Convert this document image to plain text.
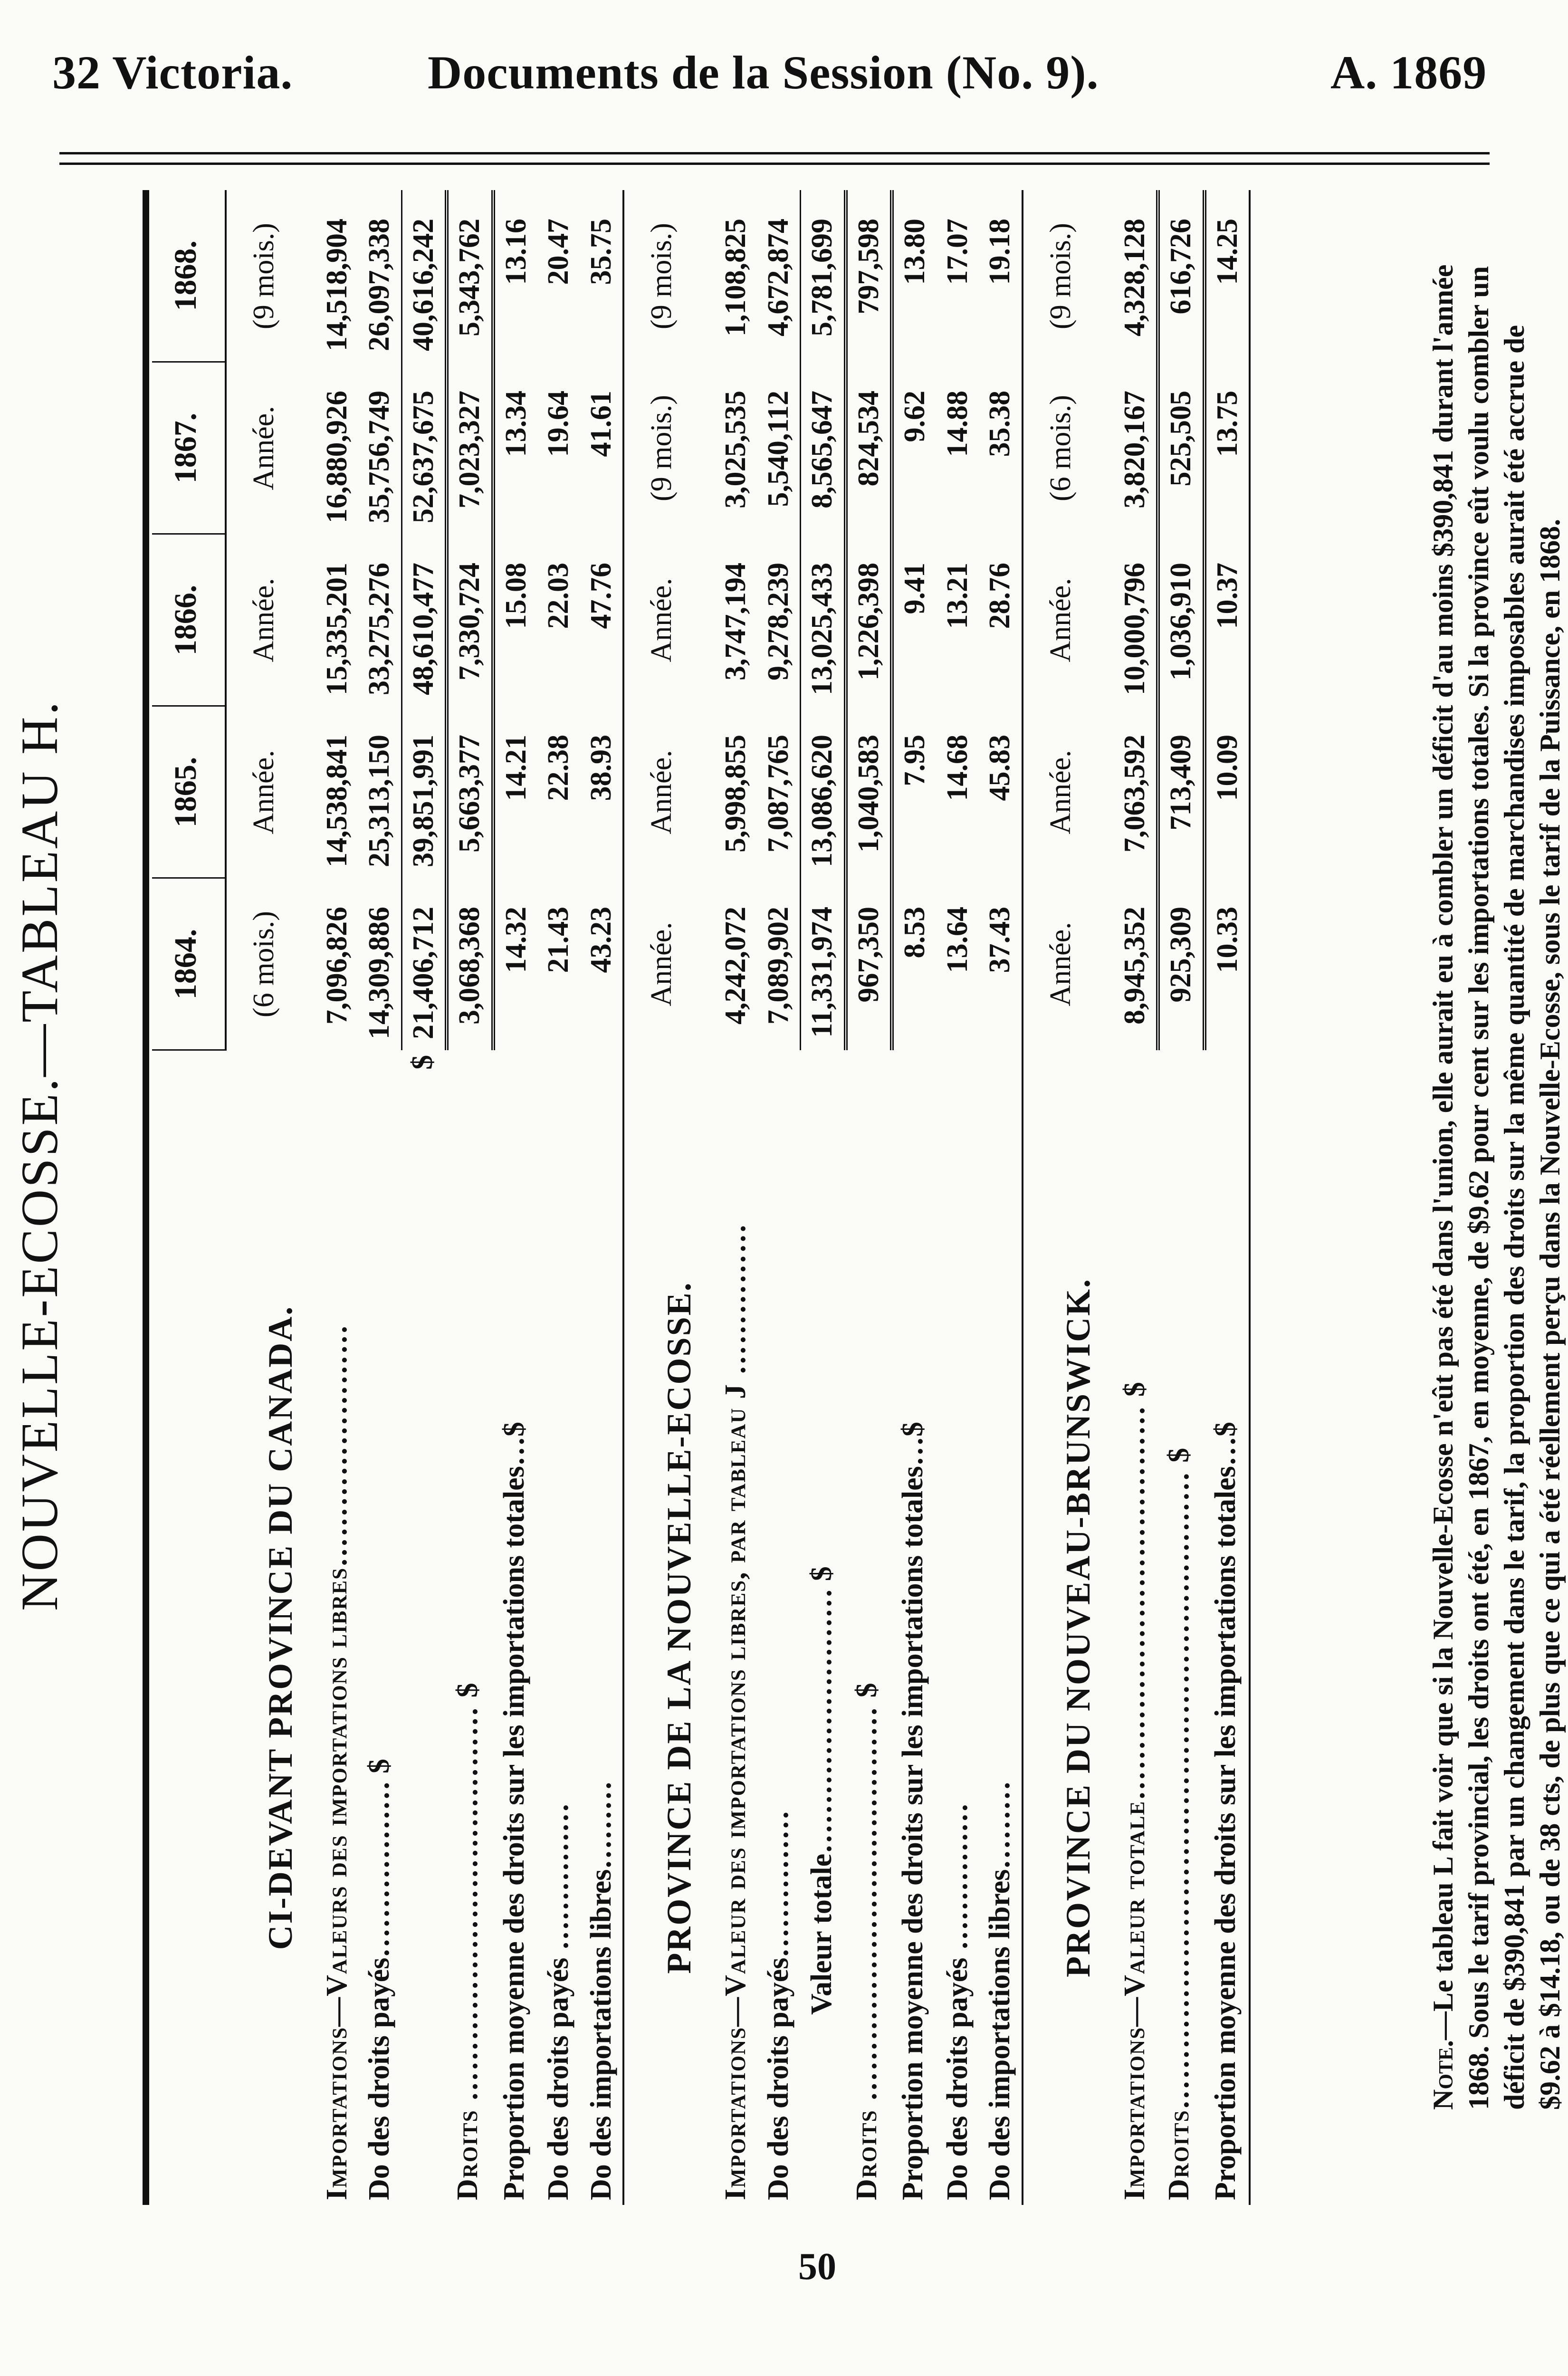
32 Victoria.	Documents de la Session (No. 9).	A. 1869
NOUVELLE-ECOSSE.—TABLEAU H.
		1864.	1865.	1866.	1867.	1868.
CI-DEVANT PROVINCE DU CANADA.	(6 mois.)	Année.	Année.	Année.	(9 mois.)
Importations—Valeurs des importations libres……………………	7,096,826	14,538,841	15,335,201	16,880,926	14,518,904
Do des droits payés……………… $	14,309,886	25,313,150	33,275,276	35,756,749	26,097,338
$	21,406,712	39,851,991	48,610,477	52,637,675	40,616,242
Droits ………………………………… $	3,068,368	5,663,377	7,330,724	7,023,327	5,343,762
Proportion moyenne des droits sur les importations totales…$	14.32	14.21	15.08	13.34	13.16
Do des droits payés ……………	21.43	22.38	22.03	19.64	20.47
Do des importations libres………	43.23	38.93	47.76	41.61	35.75
PROVINCE DE LA NOUVELLE-ECOSSE.	Année.	Année.	Année.	(9 mois.)	(9 mois.)
Importations—Valeur des importations libres, par tableau J ……………	4,242,072	5,998,855	3,747,194	3,025,535	1,108,825
Do des droits payés……………	7,089,902	7,087,765	9,278,239	5,540,112	4,672,874
Valeur totale……………………… $	11,331,974	13,086,620	13,025,433	8,565,647	5,781,699
Droits ………………………………… $	967,350	1,040,583	1,226,398	824,534	797,598
Proportion moyenne des droits sur les importations totales…$	8.53	7.95	9.41	9.62	13.80
Do des droits payés ……………	13.64	14.68	13.21	14.88	17.07
Do des importations libres………	37.43	45.83	28.76	35.38	19.18
PROVINCE DU NOUVEAU-BRUNSWICK.	Année.	Année.	Année.	(6 mois.)	(9 mois.)
Importations—Valeur totale………………………………… $	8,945,352	7,063,592	10,000,796	3,820,167	4,328,128
Droits……………………………………………………… $	925,309	713,409	1,036,910	525,505	616,726
Proportion moyenne des droits sur les importations totales…$	10.33	10.09	10.37	13.75	14.25
Note.—Le tableau L fait voir que si la Nouvelle-Ecosse n'eût pas été dans l'union, elle aurait eu à combler un déficit d'au moins $390,841 durant l'année 1868. Sous le tarif provincial, les droits ont été, en 1867, en moyenne, de $9.62 pour cent sur les importations totales. Si la province eût voulu combler un déficit de $390,841 par un changement dans le tarif, la proportion des droits sur la même quantité de marchandises imposables aurait été accrue de $9.62 à $14.18, ou de 38 cts, de plus que ce qui a été réellement perçu dans la Nouvelle-Ecosse, sous le tarif de la Puissance, en 1868.
50
